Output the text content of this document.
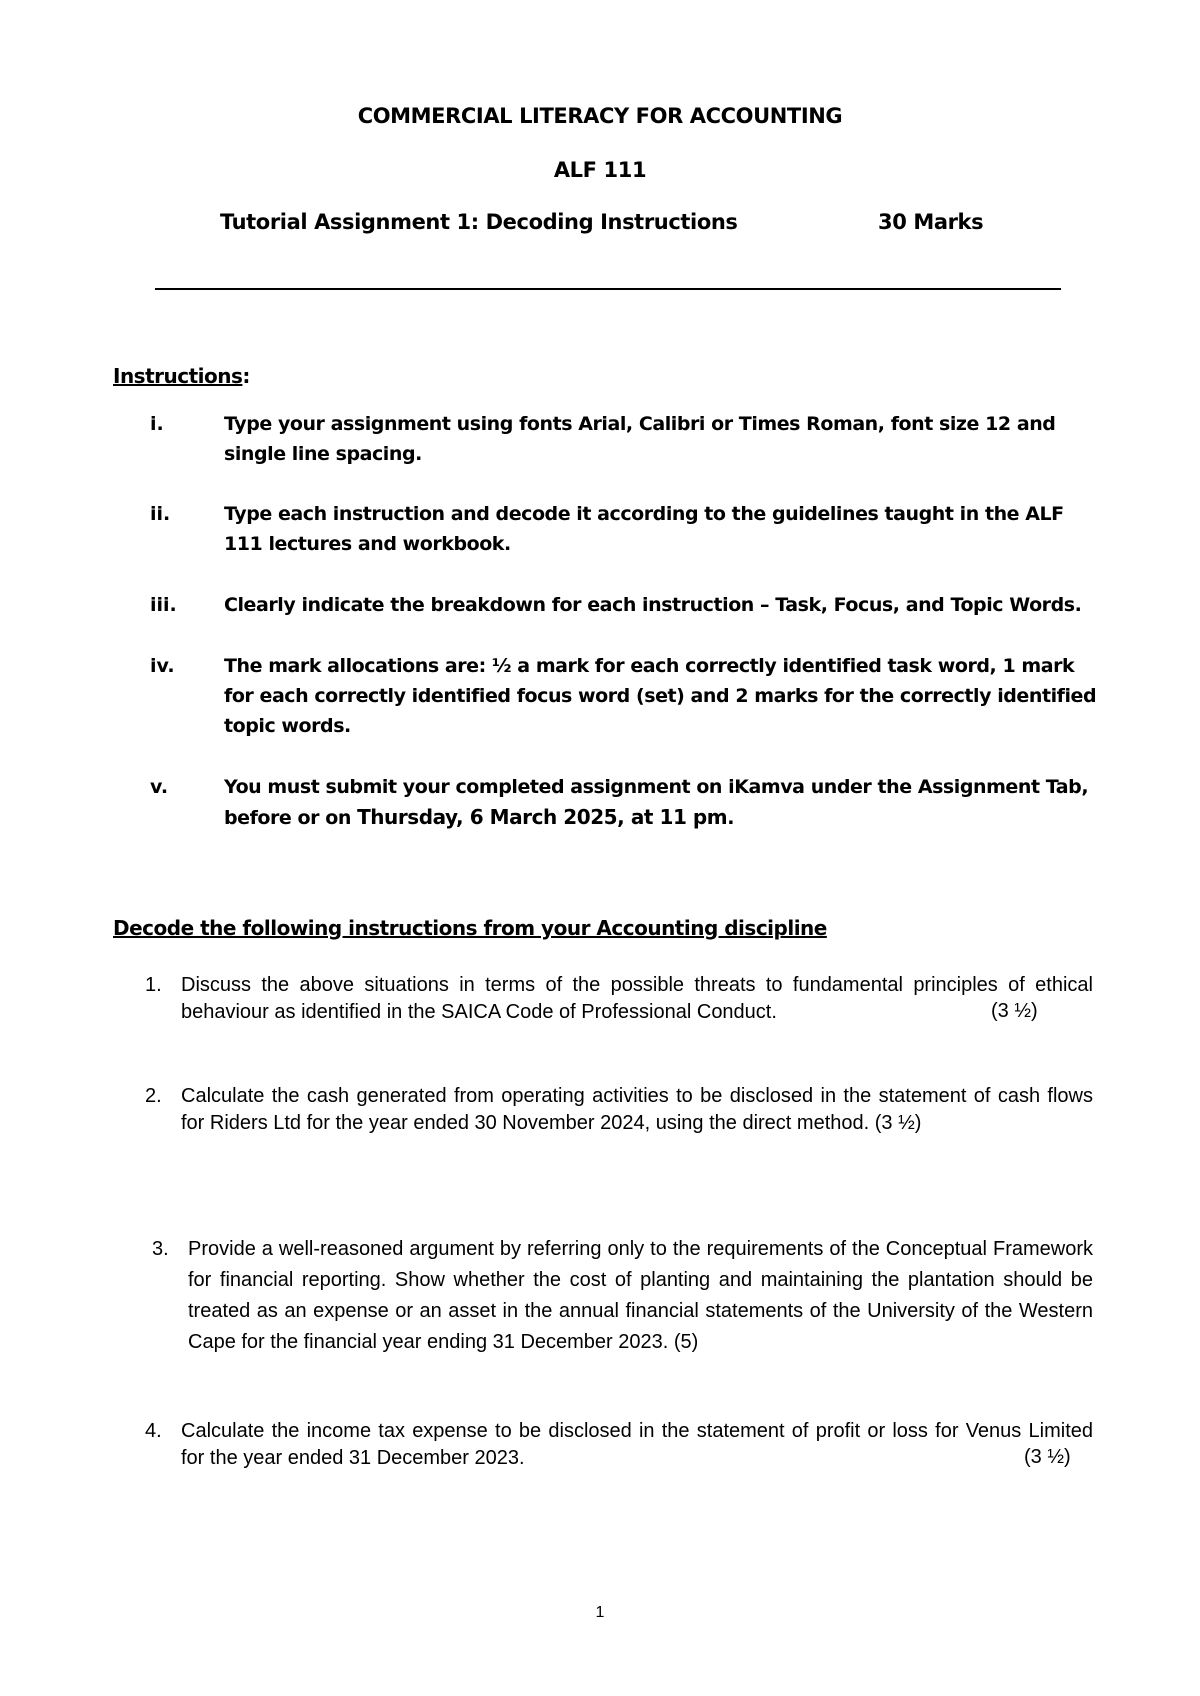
COMMERCIAL LITERACY FOR ACCOUNTING

ALF 111

Tutorial Assignment 1: Decoding Instructions	30 Marks

Instructions:

i.	Type your assignment using fonts Arial, Calibri or Times Roman, font size 12 and single line spacing.

ii.	Type each instruction and decode it according to the guidelines taught in the ALF 111 lectures and workbook.

iii. Clearly indicate the breakdown for each instruction – Task, Focus, and Topic Words.

iv.	The mark allocations are: ½ a mark for each correctly identified task word, 1 mark for each correctly identified focus word (set) and 2 marks for the correctly identified topic words.

v.	You must submit your completed assignment on iKamva under the Assignment Tab, before or on Thursday, 6 March 2025, at 11 pm.

Decode the following instructions from your Accounting discipline

1. Discuss the above situations in terms of the possible threats to fundamental principles of ethical behaviour as identified in the SAICA Code of Professional Conduct.	(3 ½)
2. Calculate the cash generated from operating activities to be disclosed in the statement of cash flows for Riders Ltd for the year ended 30 November 2024, using the direct method. (3 ½)

3. Provide a well-reasoned argument by referring only to the requirements of the Conceptual Framework for financial reporting. Show whether the cost of planting and maintaining the plantation should be treated as an expense or an asset in the annual financial statements of the University of the Western Cape for the financial year ending 31 December 2023. (5)

4. Calculate the income tax expense to be disclosed in the statement of profit or loss for Venus Limited for the year ended 31 December 2023.	(3 ½)

1
